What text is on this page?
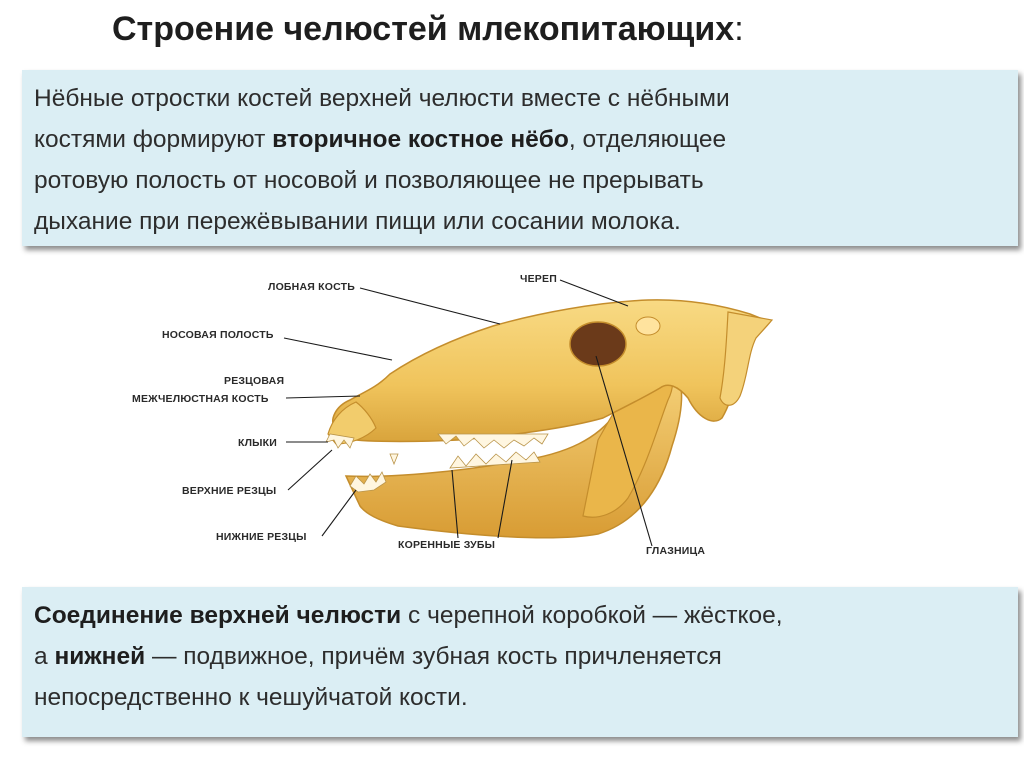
Строение челюстей млекопитающих:

Нёбные отростки костей верхней челюсти вместе с нёбными

костями формируют вторичное костное нёбо, отделяющее

ротовую полость от носовой и позволяющее не прерывать

дыхание при пережёвывании пищи или сосании молока.

ЛОБНАЯ КОСТЬ
ЧЕРЕП
НОСОВАЯ ПОЛОСТЬ
РЕЗЦОВАЯ
МЕЖЧЕЛЮСТНАЯ КОСТЬ
КЛЫКИ
ВЕРХНИЕ РЕЗЦЫ
НИЖНИЕ РЕЗЦЫ
КОРЕННЫЕ ЗУБЫ	ГЛАЗНИЦА

Соединение верхней челюсти с черепной коробкой — жёсткое,

а нижней — подвижное, причём зубная кость причленяется

непосредственно к чешуйчатой кости.
